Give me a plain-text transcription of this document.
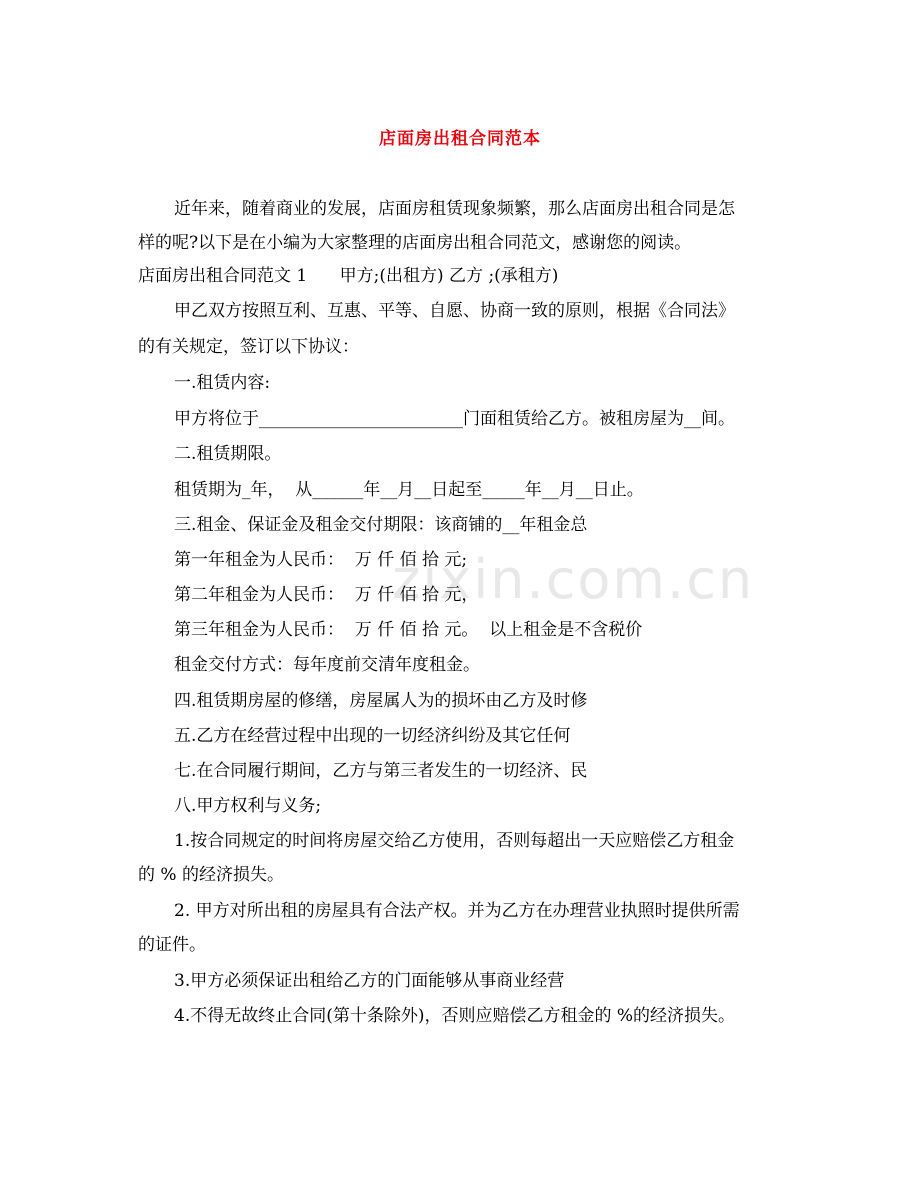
店面房出租合同范本
zixin.com.cn
近年来，随着商业的发展，店面房租赁现象频繁，那么店面房出租合同是怎
样的呢?以下是在小编为大家整理的店面房出租合同范文，感谢您的阅读。
店面房出租合同范文 1      甲方;(出租方) 乙方 ;(承租方)
甲乙双方按照互利、互惠、平等、自愿、协商一致的原则，根据《合同法》
的有关规定，签订以下协议：
一.租赁内容:
甲方将位于________________________门面租赁给乙方。被租房屋为__间。
二.租赁期限。
租赁期为_年，  从______年__月__日起至_____年__月__日止。
三.租金、保证金及租金交付期限：该商铺的__年租金总
第一年租金为人民币：  万 仟 佰 拾 元;
第二年租金为人民币：  万 仟 佰 拾 元，
第三年租金为人民币：  万 仟 佰 拾 元。  以上租金是不含税价
租金交付方式：每年度前交清年度租金。
四.租赁期房屋的修缮，房屋属人为的损坏由乙方及时修
五.乙方在经营过程中出现的一切经济纠纷及其它任何
七.在合同履行期间，乙方与第三者发生的一切经济、民
八.甲方权利与义务;
1.按合同规定的时间将房屋交给乙方使用，否则每超出一天应赔偿乙方租金
的 % 的经济损失。
2. 甲方对所出租的房屋具有合法产权。并为乙方在办理营业执照时提供所需
的证件。
3.甲方必须保证出租给乙方的门面能够从事商业经营
4.不得无故终止合同(第十条除外)，否则应赔偿乙方租金的 %的经济损失。
